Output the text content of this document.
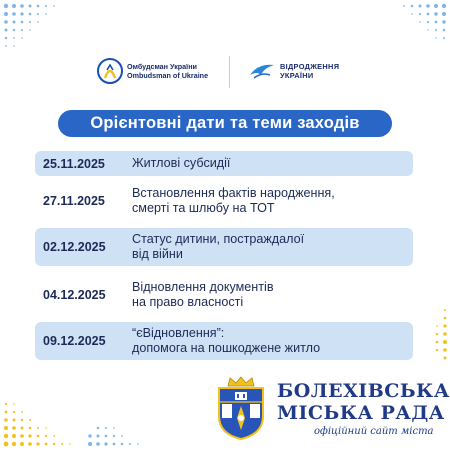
Омбудсман України
Ombudsman of Ukraine
ВІДРОДЖЕННЯ
УКРАЇНИ
Орієнтовні дати та теми заходів
25.11.2025 Житлові субсидії
27.11.2025
Встановлення фактів народження,
смерті та шлюбу на ТОТ
02.12.2025
Статус дитини, постраждалої
від війни
04.12.2025
Відновлення документів
на право власності
09.12.2025
“єВідновлення”:
допомога на пошкоджене житло
БОЛЕХІВСЬКА
МІСЬКА РАДА
офіційний сайт міста
